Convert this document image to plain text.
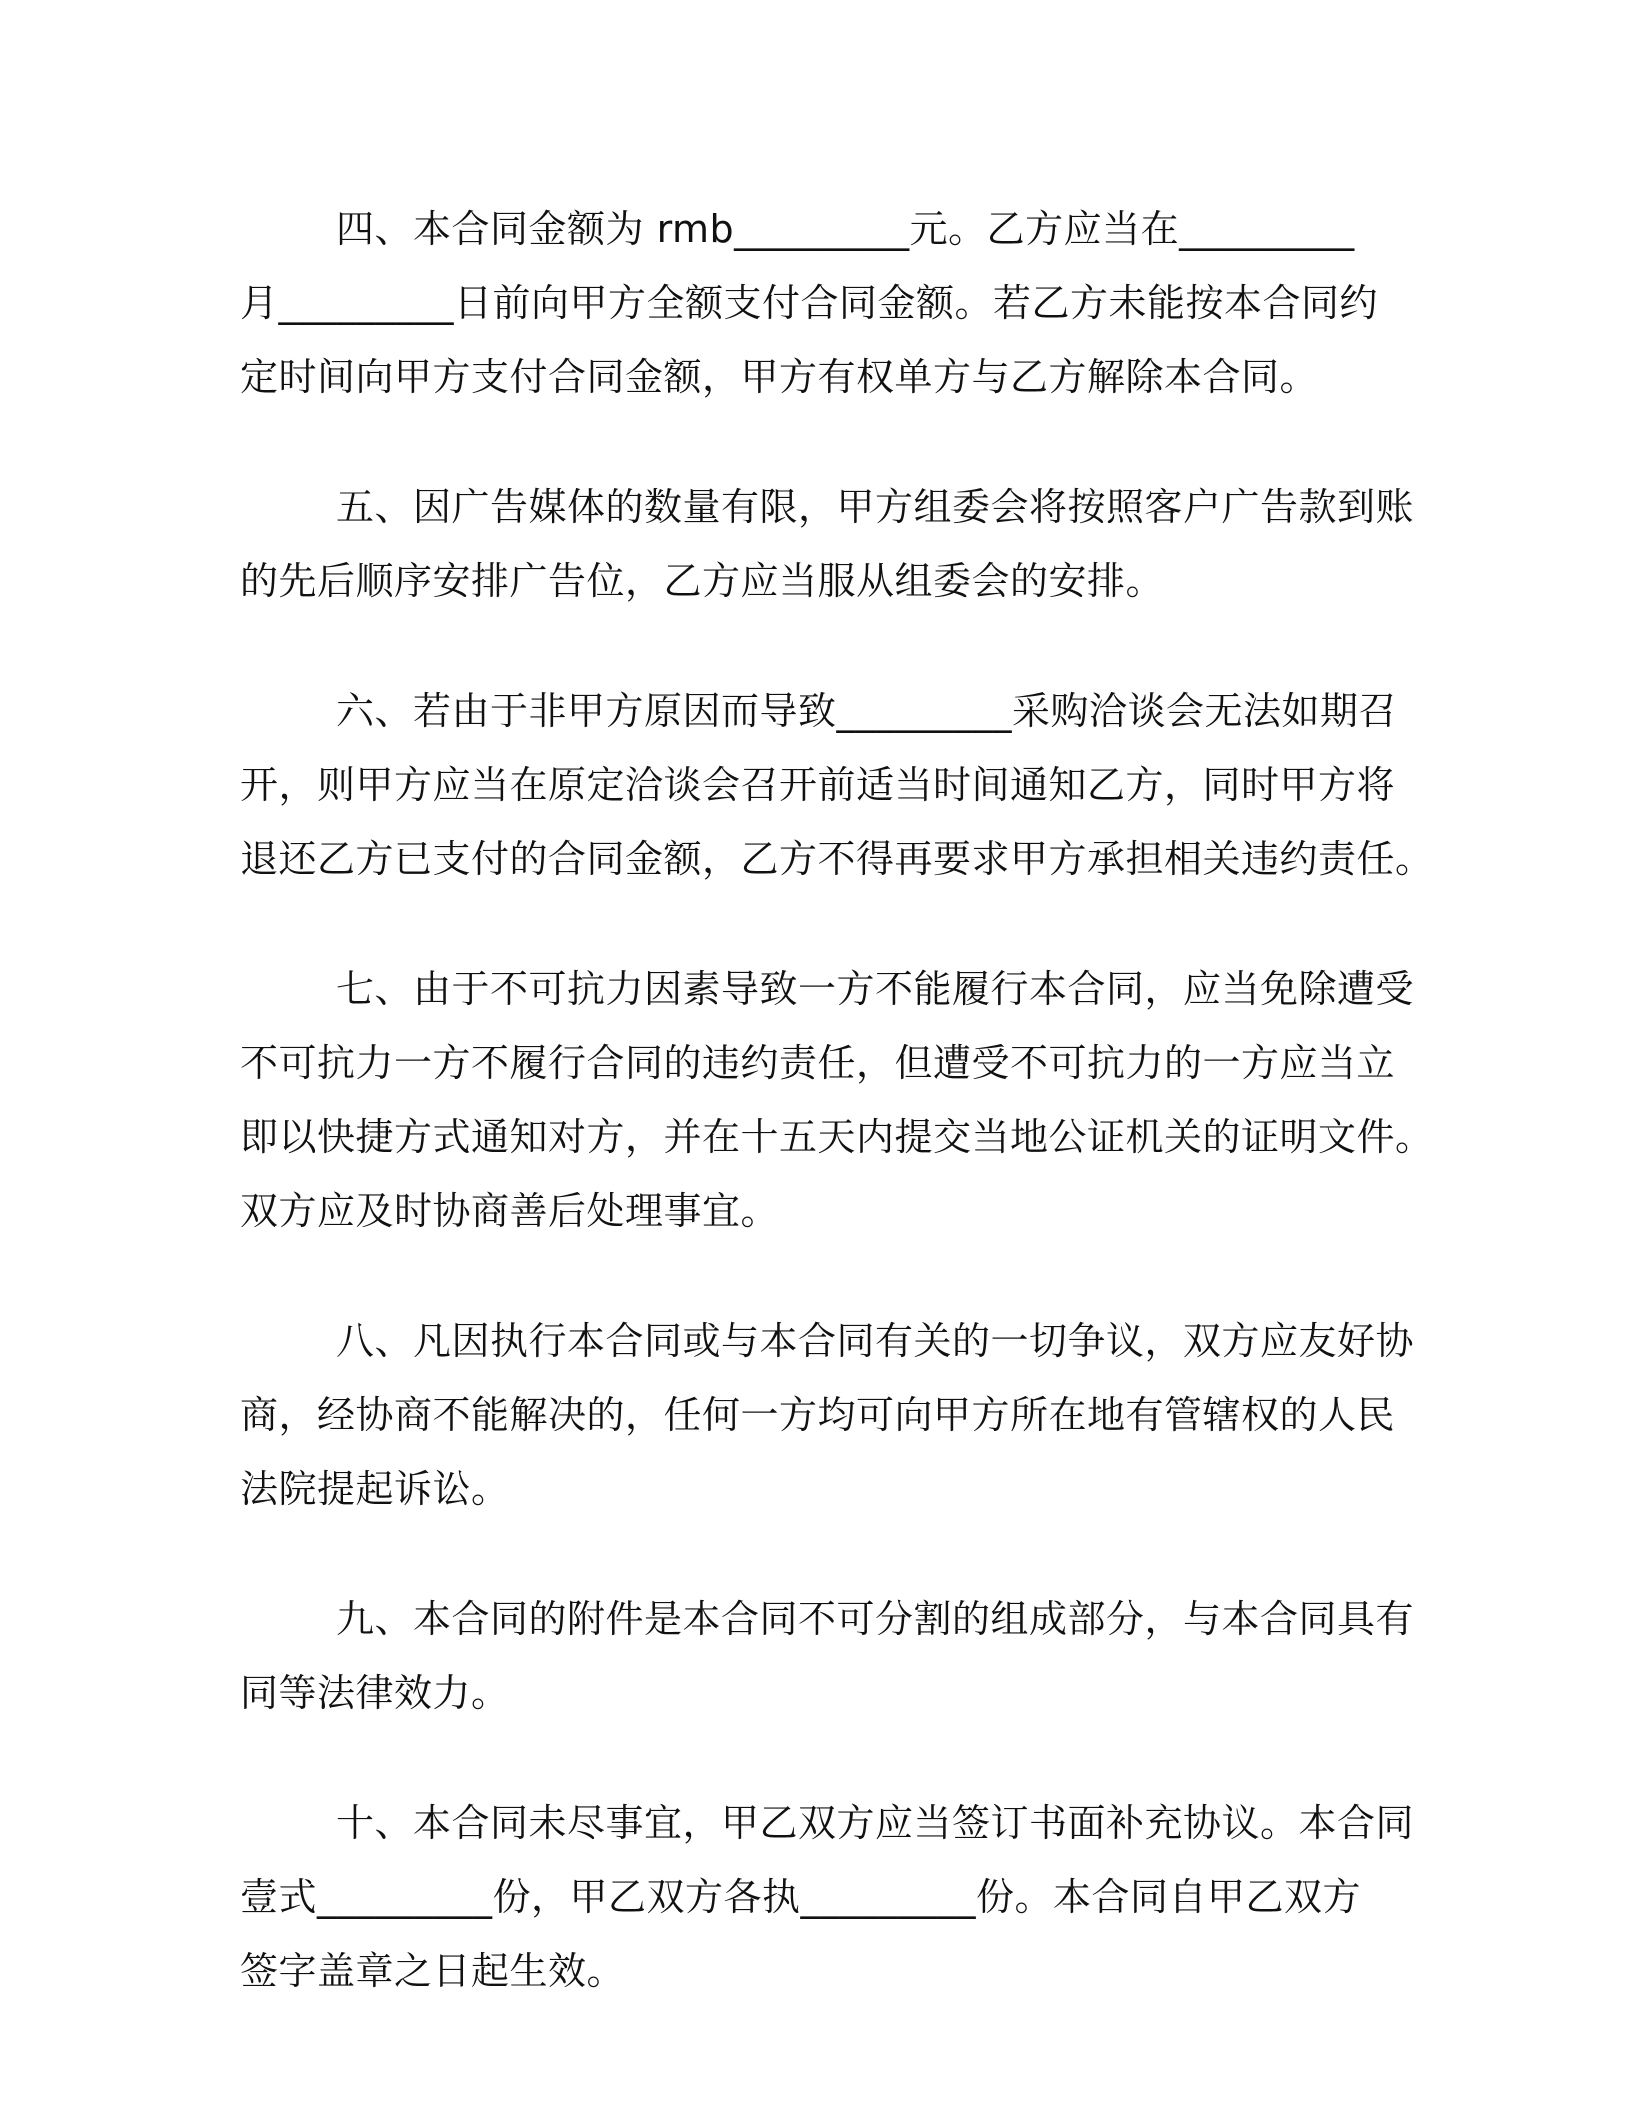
四、本合同金额为 rmb_________元。乙方应当在_________
月_________日前向甲方全额支付合同金额。若乙方未能按本合同约
定时间向甲方支付合同金额，甲方有权单方与乙方解除本合同。

五、因广告媒体的数量有限，甲方组委会将按照客户广告款到账
的先后顺序安排广告位，乙方应当服从组委会的安排。

六、若由于非甲方原因而导致_________采购洽谈会无法如期召
开，则甲方应当在原定洽谈会召开前适当时间通知乙方，同时甲方将
退还乙方已支付的合同金额，乙方不得再要求甲方承担相关违约责任。

七、由于不可抗力因素导致一方不能履行本合同，应当免除遭受
不可抗力一方不履行合同的违约责任，但遭受不可抗力的一方应当立
即以快捷方式通知对方，并在十五天内提交当地公证机关的证明文件。
双方应及时协商善后处理事宜。

八、凡因执行本合同或与本合同有关的一切争议，双方应友好协
商，经协商不能解决的，任何一方均可向甲方所在地有管辖权的人民
法院提起诉讼。

九、本合同的附件是本合同不可分割的组成部分，与本合同具有
同等法律效力。

十、本合同未尽事宜，甲乙双方应当签订书面补充协议。本合同
壹式_________份，甲乙双方各执_________份。本合同自甲乙双方
签字盖章之日起生效。
